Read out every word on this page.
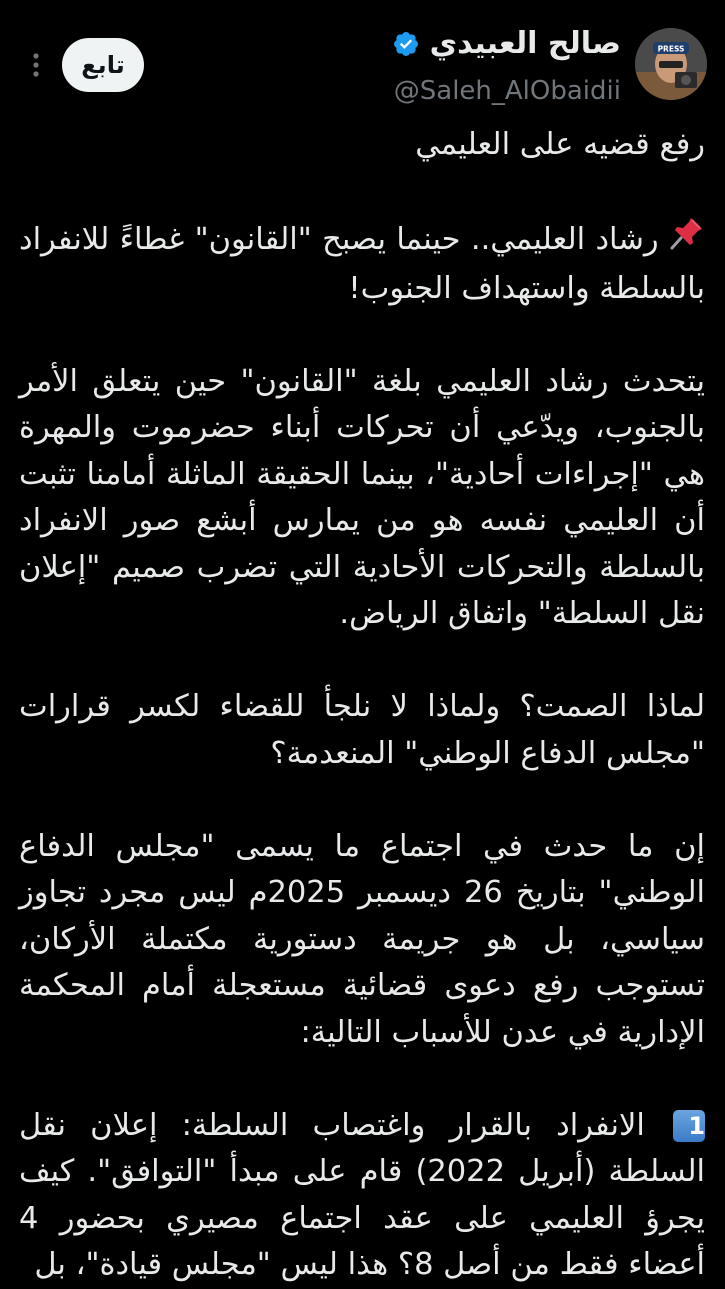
PRESS
صالح العبيدي
@Saleh_AlObaidii
تابع

رفع قضيه على العليمي

رشاد العليمي.. حينما يصبح "القانون" غطاءً للانفراد بالسلطة واستهداف الجنوب!

يتحدث رشاد العليمي بلغة "القانون" حين يتعلق الأمر بالجنوب، ويدّعي أن تحركات أبناء حضرموت والمهرة هي "إجراءات أحادية"، بينما الحقيقة الماثلة أمامنا تثبت أن العليمي نفسه هو من يمارس أبشع صور الانفراد بالسلطة والتحركات الأحادية التي تضرب صميم "إعلان نقل السلطة" واتفاق الرياض.

لماذا الصمت؟ ولماذا لا نلجأ للقضاء لكسر قرارات "مجلس الدفاع الوطني" المنعدمة؟

إن ما حدث في اجتماع ما يسمى "مجلس الدفاع الوطني" بتاريخ 26 ديسمبر 2025م ليس مجرد تجاوز سياسي، بل هو جريمة دستورية مكتملة الأركان، تستوجب رفع دعوى قضائية مستعجلة أمام المحكمة الإدارية في عدن للأسباب التالية:

1 الانفراد بالقرار واغتصاب السلطة: إعلان نقل السلطة (أبريل 2022) قام على مبدأ "التوافق". كيف يجرؤ العليمي على عقد اجتماع مصيري بحضور 4 أعضاء فقط من أصل 8؟ هذا ليس "مجلس قيادة"، بل
